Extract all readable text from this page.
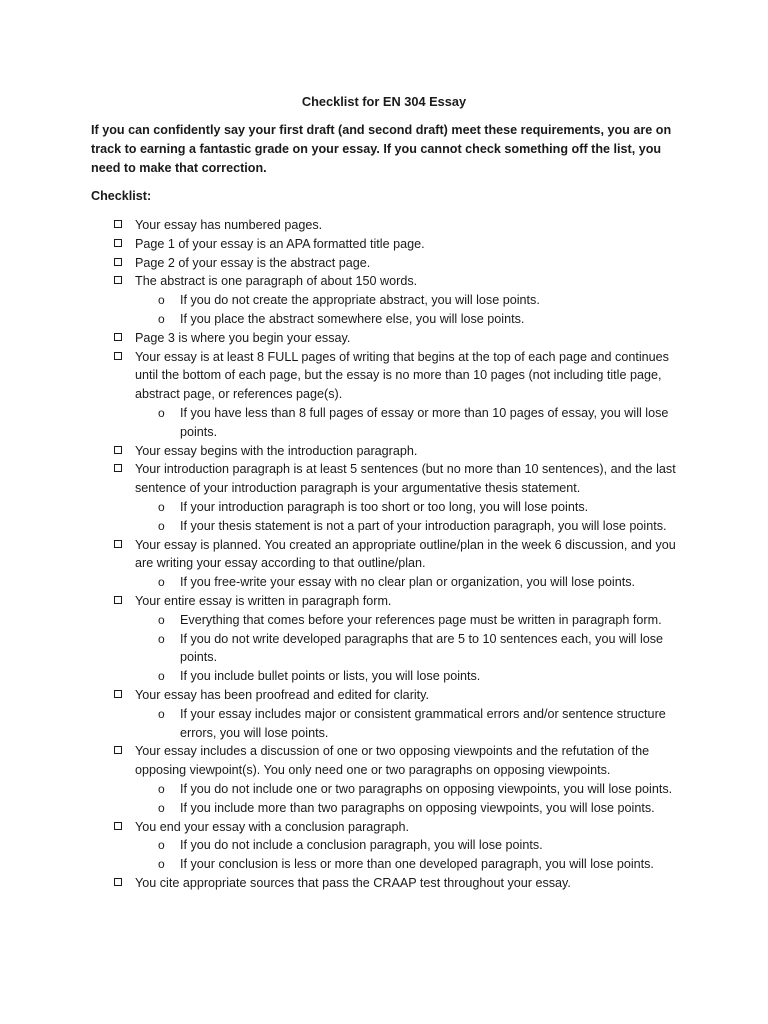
Checklist for EN 304 Essay

If you can confidently say your first draft (and second draft) meet these requirements, you are on track to earning a fantastic grade on your essay. If you cannot check something off the list, you need to make that correction.

Checklist:

Your essay has numbered pages.
Page 1 of your essay is an APA formatted title page.
Page 2 of your essay is the abstract page.
The abstract is one paragraph of about 150 words.
o If you do not create the appropriate abstract, you will lose points.
o If you place the abstract somewhere else, you will lose points.
Page 3 is where you begin your essay.
Your essay is at least 8 FULL pages of writing that begins at the top of each page and continues until the bottom of each page, but the essay is no more than 10 pages (not including title page, abstract page, or references page(s).
o If you have less than 8 full pages of essay or more than 10 pages of essay, you will lose points.
Your essay begins with the introduction paragraph.
Your introduction paragraph is at least 5 sentences (but no more than 10 sentences), and the last sentence of your introduction paragraph is your argumentative thesis statement.
o If your introduction paragraph is too short or too long, you will lose points.
o If your thesis statement is not a part of your introduction paragraph, you will lose points.
Your essay is planned. You created an appropriate outline/plan in the week 6 discussion, and you are writing your essay according to that outline/plan.
o If you free-write your essay with no clear plan or organization, you will lose points.
Your entire essay is written in paragraph form.
o Everything that comes before your references page must be written in paragraph form.
o If you do not write developed paragraphs that are 5 to 10 sentences each, you will lose points.
o If you include bullet points or lists, you will lose points.
Your essay has been proofread and edited for clarity.
o If your essay includes major or consistent grammatical errors and/or sentence structure errors, you will lose points.
Your essay includes a discussion of one or two opposing viewpoints and the refutation of the opposing viewpoint(s). You only need one or two paragraphs on opposing viewpoints.
o If you do not include one or two paragraphs on opposing viewpoints, you will lose points.
o If you include more than two paragraphs on opposing viewpoints, you will lose points.
You end your essay with a conclusion paragraph.
o If you do not include a conclusion paragraph, you will lose points.
o If your conclusion is less or more than one developed paragraph, you will lose points.
You cite appropriate sources that pass the CRAAP test throughout your essay.
